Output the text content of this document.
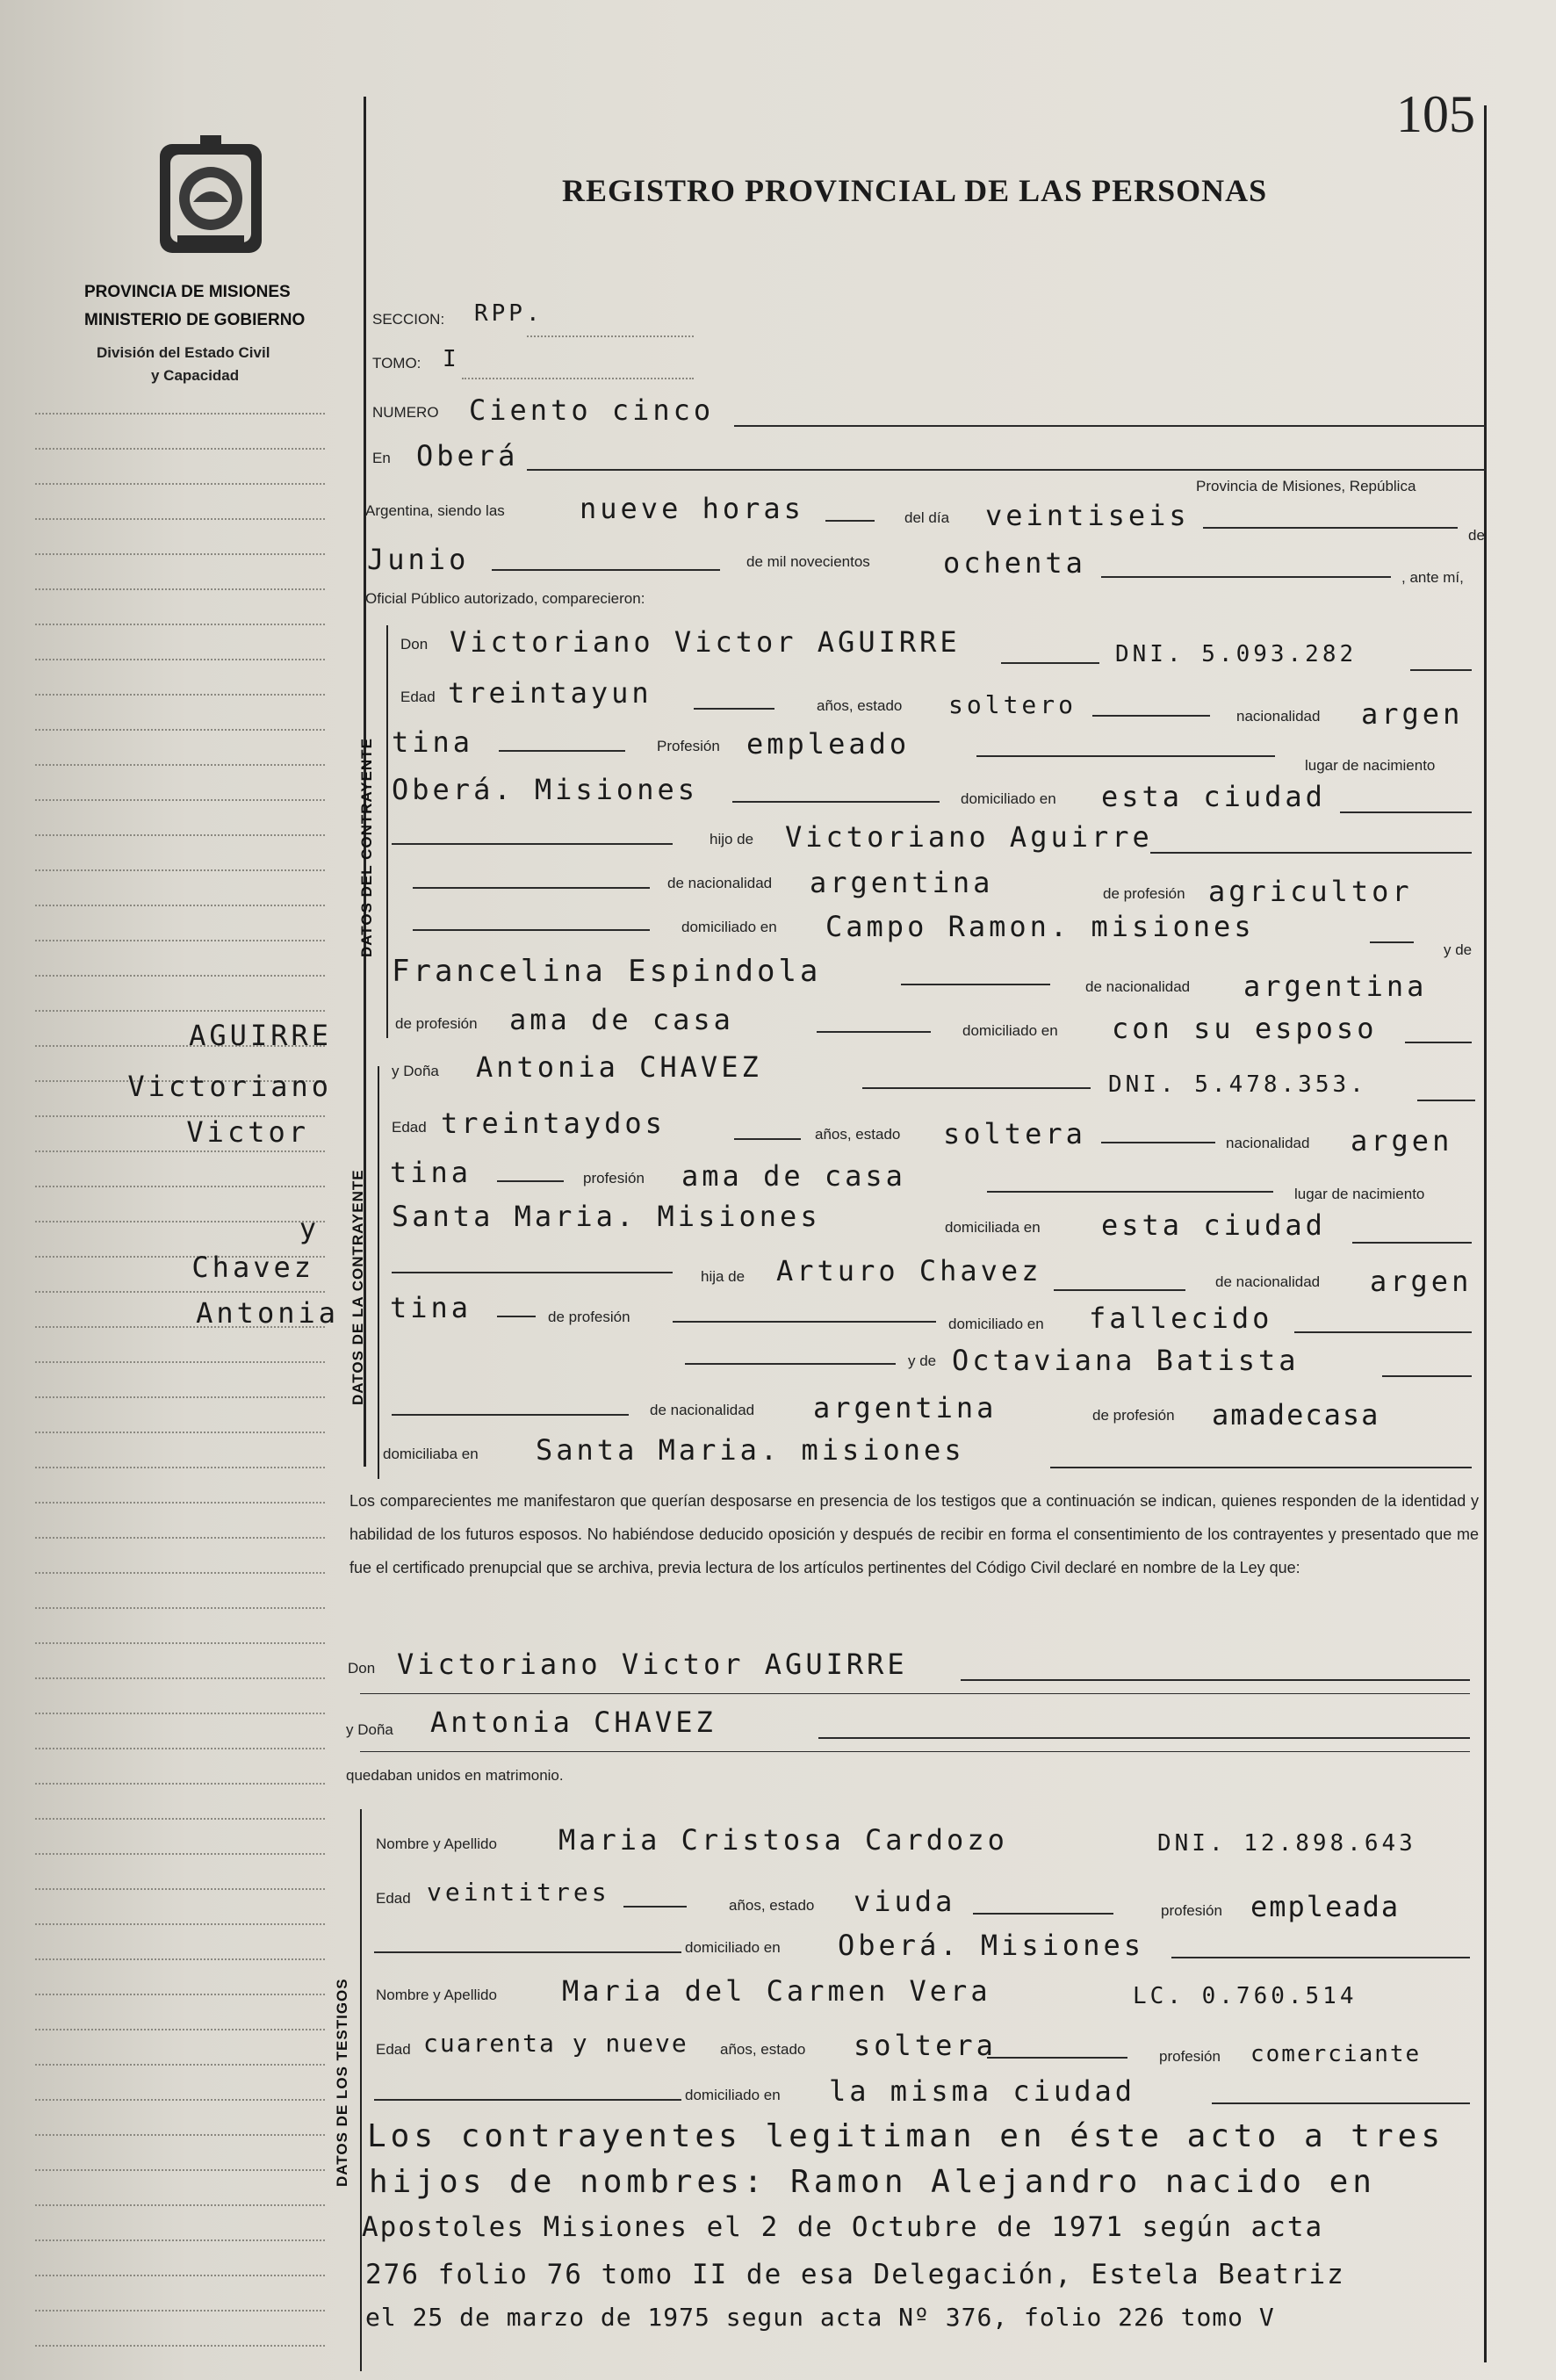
105
PROVINCIA DE MISIONES
MINISTERIO DE GOBIERNO
División del Estado Civil
y Capacidad
REGISTRO PROVINCIAL DE LAS PERSONAS
AGUIRRE
Victoriano
Victor
y
Chavez
Antonia
SECCION: RPP.
TOMO: I
NUMERO Ciento cinco
En Oberá
Provincia de Misiones, República
Argentina, siendo las	nueve horas	del día veintiseis
de
Junio	de mil novecientos	ochenta	, ante mí,
Oficial Público autorizado, comparecieron:
DATOS DEL CONTRAYENTE
Don Victoriano Victor AGUIRRE	DNI. 5.093.282
Edad treintayun	años, estado soltero	nacionalidad argen
tina	Profesión empleado
lugar de nacimiento
Oberá. Misiones	domiciliado en esta ciudad
hijo de Victoriano Aguirre
de nacionalidad argentina	de profesión agricultor
domiciliado en Campo Ramon. misiones
y de
Francelina Espindola	de nacionalidad argentina
de profesión ama de casa	domiciliado en con su esposo
DATOS DE LA CONTRAYENTE
y Doña Antonia CHAVEZ
DNI. 5.478.353.
Edad treintaydos	años, estado soltera	nacionalidad argen
tina	profesión ama de casa
lugar de nacimiento
Santa Maria. Misiones	domiciliada en esta ciudad
hija de Arturo Chavez	de nacionalidad argen
tina	de profesión	domiciliado en fallecido
y de Octaviana Batista
de nacionalidad argentina	de profesión amadecasa
domiciliaba en Santa Maria. misiones
Los comparecientes me manifestaron que querían desposarse en presencia de los testigos que a continuación se indican, quienes responden de la identidad y habilidad de los futuros esposos. No habiéndose deducido oposición y después de recibir en forma el consentimiento de los contrayentes y presentado que me fue el certificado prenupcial que se archiva, previa lectura de los artículos pertinentes del Código Civil declaré en nombre de la Ley que:
Don Victoriano Victor AGUIRRE
y Doña Antonia CHAVEZ
quedaban unidos en matrimonio.
DATOS DE LOS TESTIGOS
Nombre y Apellido Maria Cristosa Cardozo	DNI. 12.898.643
Edad veintitres	años, estado viuda	profesión empleada
domiciliado en Oberá. Misiones
Nombre y Apellido Maria del Carmen Vera	LC. 0.760.514
Edad cuarenta y nueve años, estado soltera	profesión comerciante
domiciliado en la misma ciudad
Los contrayentes legitiman en éste acto a tres
hijos de nombres: Ramon Alejandro nacido en
Apostoles Misiones el 2 de Octubre de 1971 según acta
276 folio 76 tomo II de esa Delegación, Estela Beatriz
el 25 de marzo de 1975 segun acta Nº 376, folio 226 tomo V
